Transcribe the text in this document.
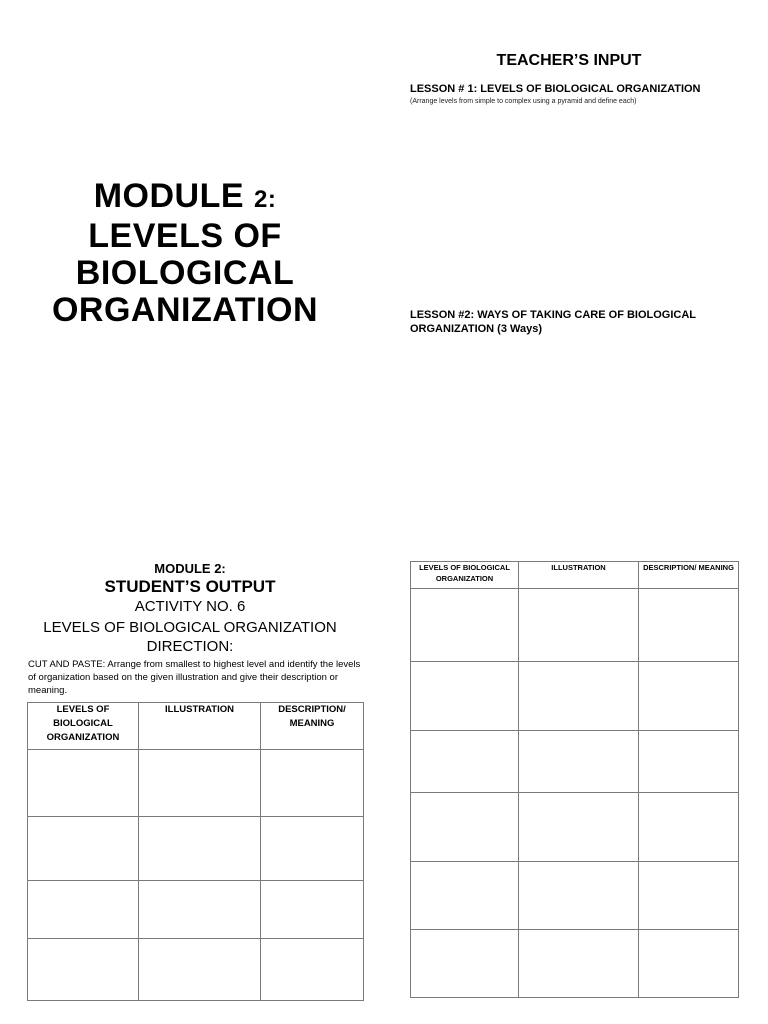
MODULE 2:
LEVELS OF
BIOLOGICAL
ORGANIZATION
TEACHER’S INPUT
LESSON # 1: LEVELS OF BIOLOGICAL ORGANIZATION
(Arrange levels from simple to complex using a pyramid and define each)
LESSON #2: WAYS OF TAKING CARE OF BIOLOGICAL
ORGANIZATION (3 Ways)
MODULE 2:
STUDENT’S OUTPUT
ACTIVITY NO. 6
LEVELS OF BIOLOGICAL ORGANIZATION
DIRECTION:
CUT AND PASTE: Arrange from smallest to highest level and identify the levels of organization based on the given illustration and give their description or meaning.
LEVELS OF BIOLOGICAL ORGANIZATION	ILLUSTRATION	DESCRIPTION/ MEANING

LEVELS OF BIOLOGICAL ORGANIZATION	ILLUSTRATION	DESCRIPTION/ MEANING
